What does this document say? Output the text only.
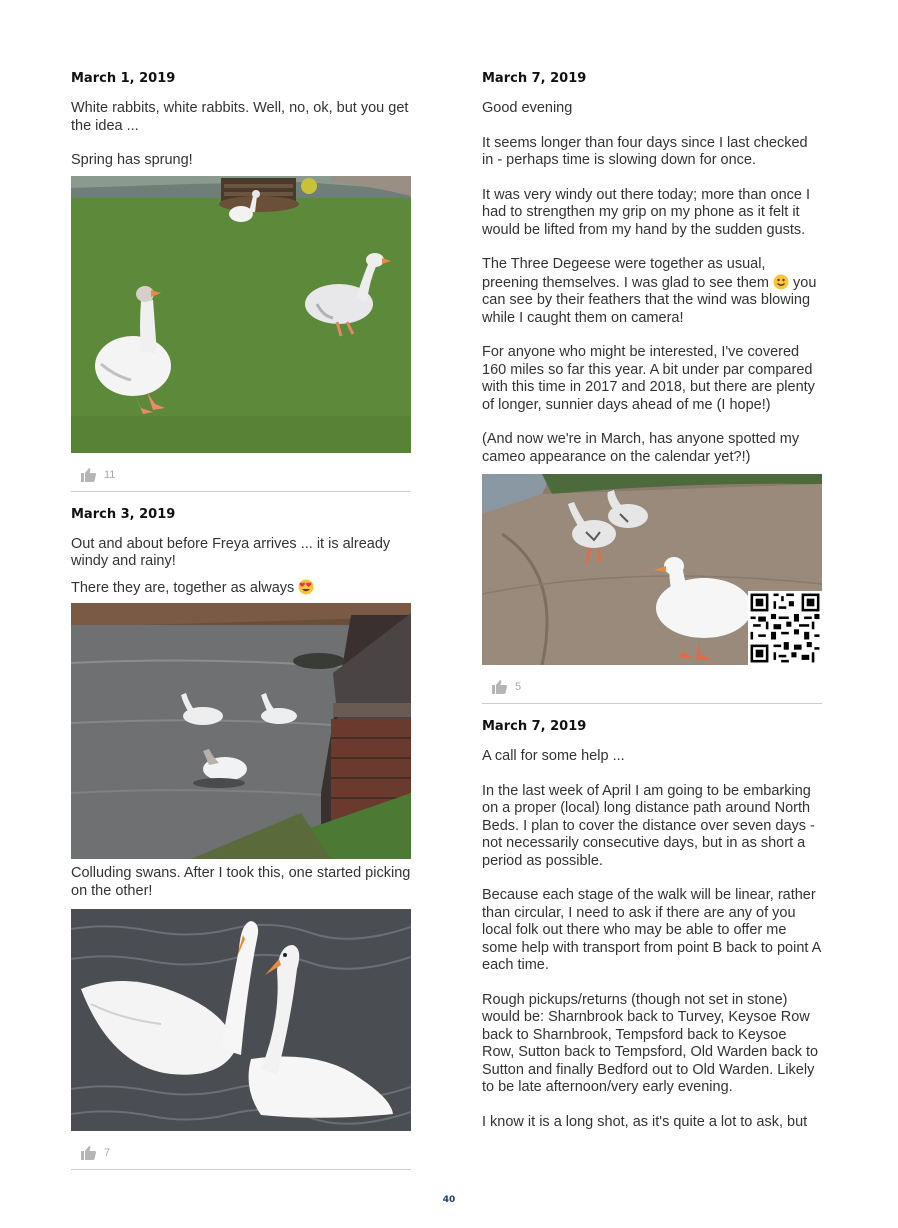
March 1, 2019
White rabbits, white rabbits. Well, no, ok, but you get the idea ...
Spring has sprung!
11
March 3, 2019
Out and about before Freya arrives ... it is already windy and rainy!
There they are, together as always
Colluding swans. After I took this, one started picking on the other!
7
March 7, 2019
Good evening
It seems longer than four days since I last checked in - perhaps time is slowing down for once.
It was very windy out there today; more than once I had to strengthen my grip on my phone as it felt it would be lifted from my hand by the sudden gusts.
The Three Degeese were together as usual, preening themselves. I was glad to see them you can see by their feathers that the wind was blowing while I caught them on camera!
For anyone who might be interested, I've covered 160 miles so far this year. A bit under par compared with this time in 2017 and 2018, but there are plenty of longer, sunnier days ahead of me (I hope!)
(And now we're in March, has anyone spotted my cameo appearance on the calendar yet?!)
5
March 7, 2019
A call for some help ...
In the last week of April I am going to be embarking on a proper (local) long distance path around North Beds. I plan to cover the distance over seven days - not necessarily consecutive days, but in as short a period as possible.
Because each stage of the walk will be linear, rather than circular, I need to ask if there are any of you local folk out there who may be able to offer me some help with transport from point B back to point A each time.
Rough pickups/returns (though not set in stone) would be: Sharnbrook back to Turvey, Keysoe Row back to Sharnbrook, Tempsford back to Keysoe Row, Sutton back to Tempsford, Old Warden back to Sutton and finally Bedford out to Old Warden. Likely to be late afternoon/very early evening.
I know it is a long shot, as it's quite a lot to ask, but
40
